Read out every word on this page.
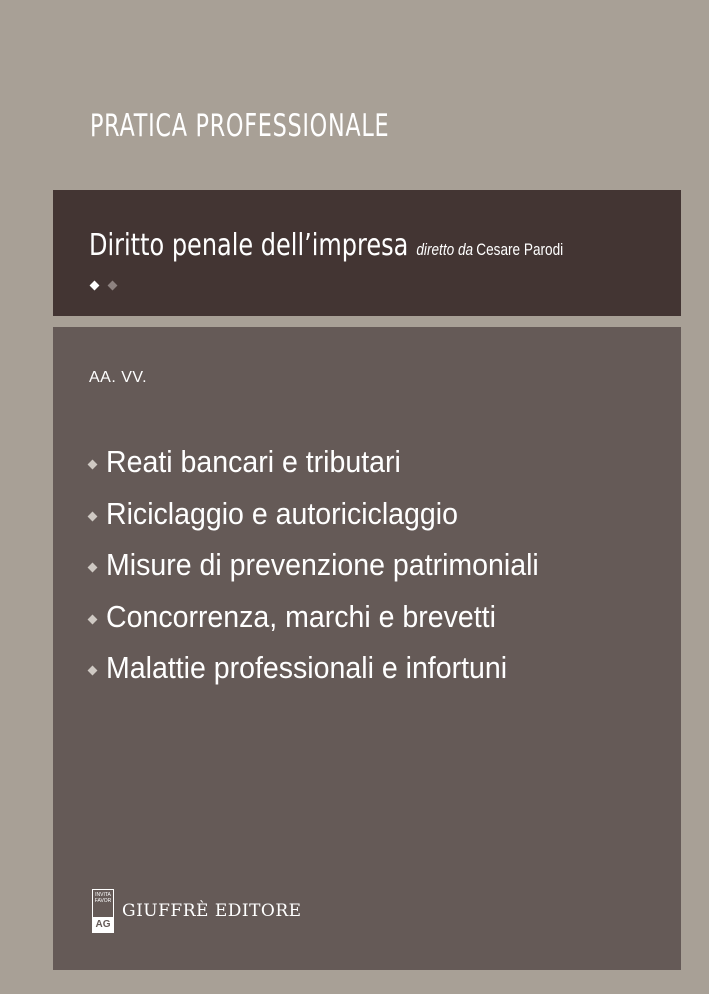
PRATICA PROFESSIONALE
Diritto penale dell’impresa diretto da Cesare Parodi
AA. VV.
Reati bancari e tributari
Riciclaggio e autoriciclaggio
Misure di prevenzione patrimoniali
Concorrenza, marchi e brevetti
Malattie professionali e infortuni
INVITA FAVOR
AG
GIUFFRÈ EDITORE
